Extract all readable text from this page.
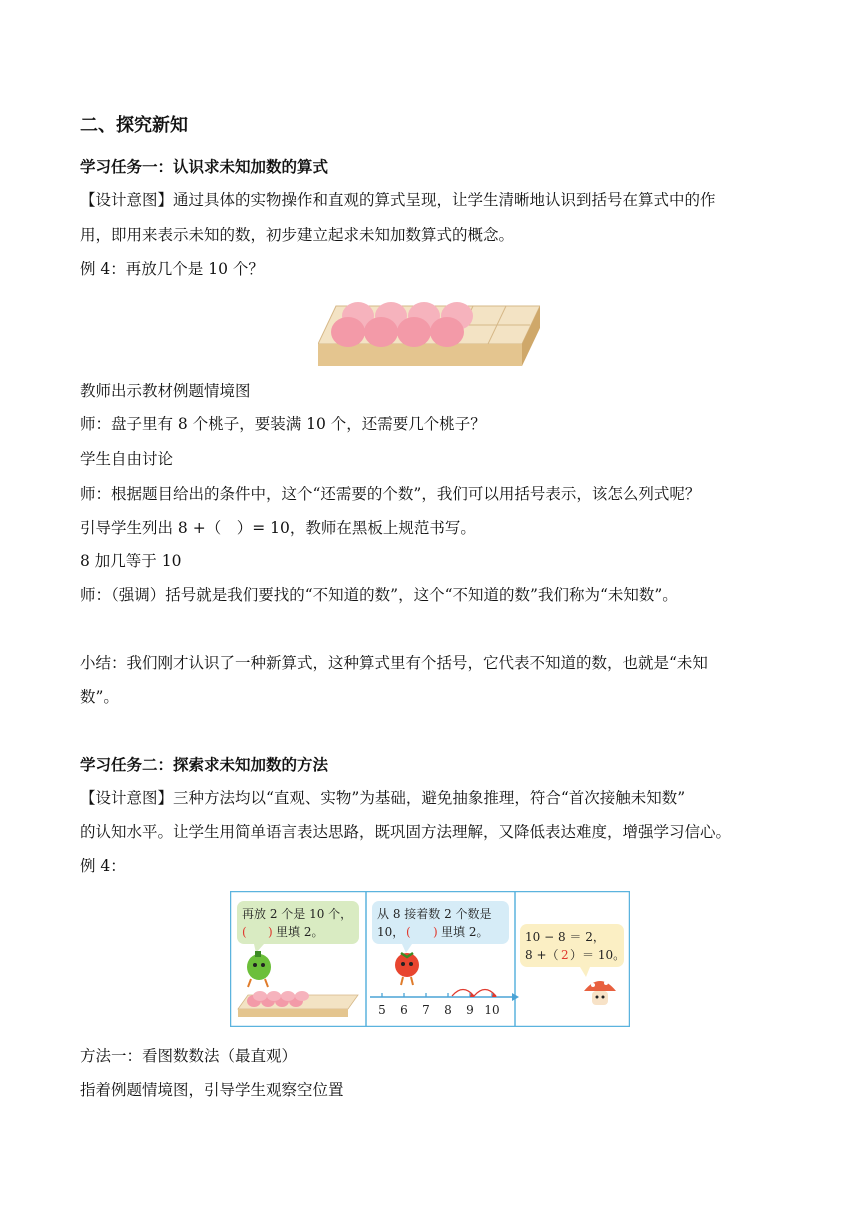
二、探究新知
学习任务一：认识求未知加数的算式
【设计意图】通过具体的实物操作和直观的算式呈现，让学生清晰地认识到括号在算式中的作
用，即用来表示未知的数，初步建立起求未知加数算式的概念。
例 4：再放几个是 10 个？
教师出示教材例题情境图
师：盘子里有 8 个桃子，要装满 10 个，还需要几个桃子？
学生自由讨论
师：根据题目给出的条件中，这个“还需要的个数”，我们可以用括号表示，该怎么列式呢？
引导学生列出 8 +（　）= 10，教师在黑板上规范书写。
8 加几等于 10
师：（强调）括号就是我们要找的“不知道的数”，这个“不知道的数”我们称为“未知数”。
小结：我们刚才认识了一种新算式，这种算式里有个括号，它代表不知道的数，也就是“未知
数”。
学习任务二：探索求未知加数的方法
【设计意图】三种方法均以“直观、实物”为基础，避免抽象推理，符合“首次接触未知数”
的认知水平。让学生用简单语言表达思路，既巩固方法理解，又降低表达难度，增强学习信心。
例 4：
再放 2 个是 10 个，
( ) 里填 2。
从 8 接着数 2 个数是
10， ( ) 里填 2。
5 6 7 8 9 10
10 − 8 ＝ 2，
8 +（ 2 ）＝ 10。
方法一：看图数数法（最直观）
指着例题情境图，引导学生观察空位置
